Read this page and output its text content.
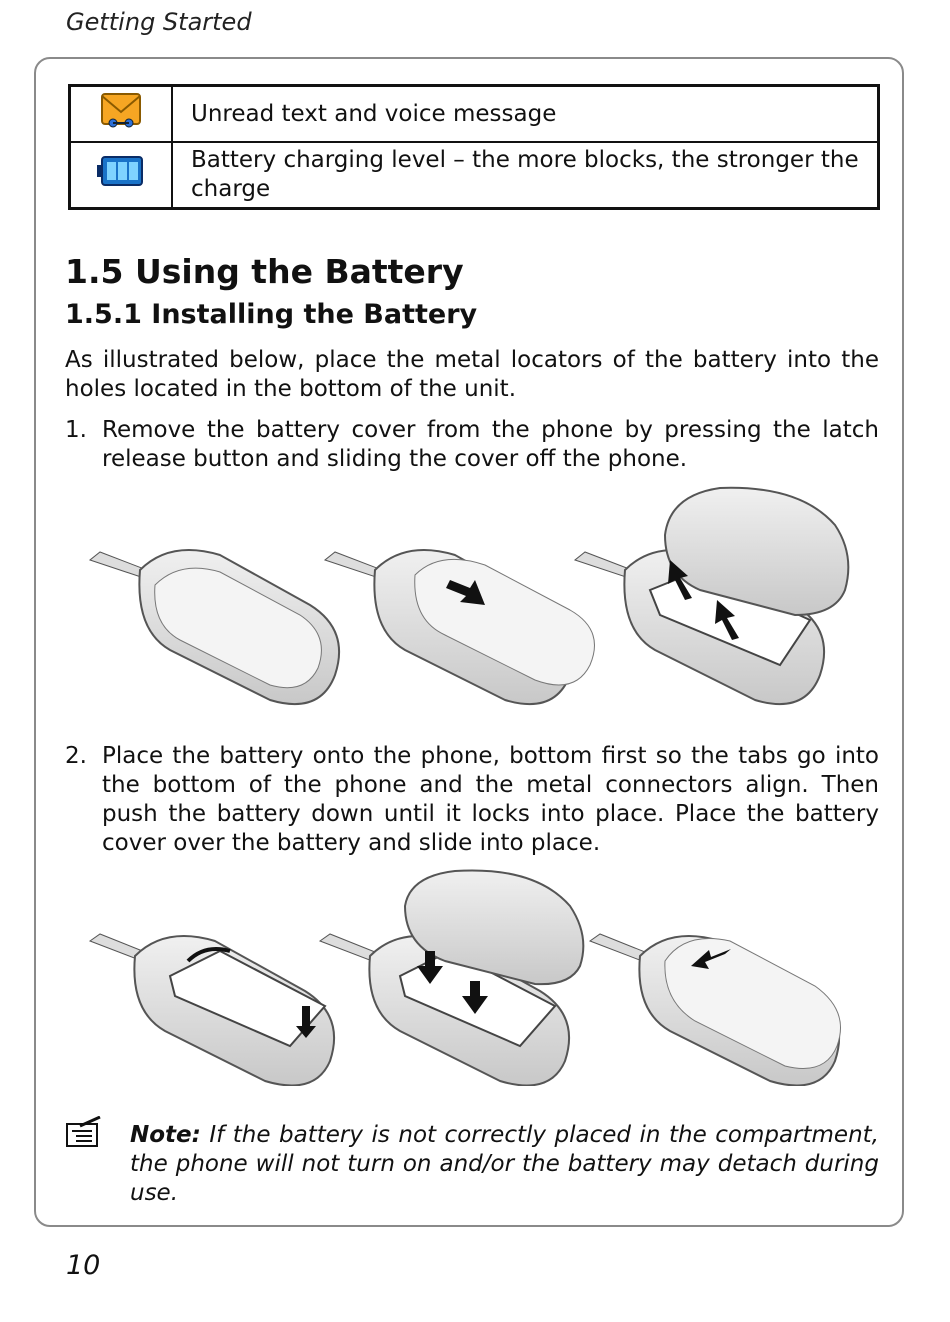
Getting Started
	Unread text and voice message
	Battery charging level – the more blocks, the stronger the charge
1.5 Using the Battery
1.5.1 Installing the Battery

As illustrated below, place the metal locators of the battery into the holes located in the bottom of the unit.

1. Remove the battery cover from the phone by pressing the latch release button and sliding the cover off the phone.
2. Place the battery onto the phone, bottom first so the tabs go into the bottom of the phone and the metal connectors align. Then push the battery down until it locks into place. Place the battery cover over the battery and slide into place.
Note: If the battery is not correctly placed in the compartment, the phone will not turn on and/or the battery may detach during use.
10
